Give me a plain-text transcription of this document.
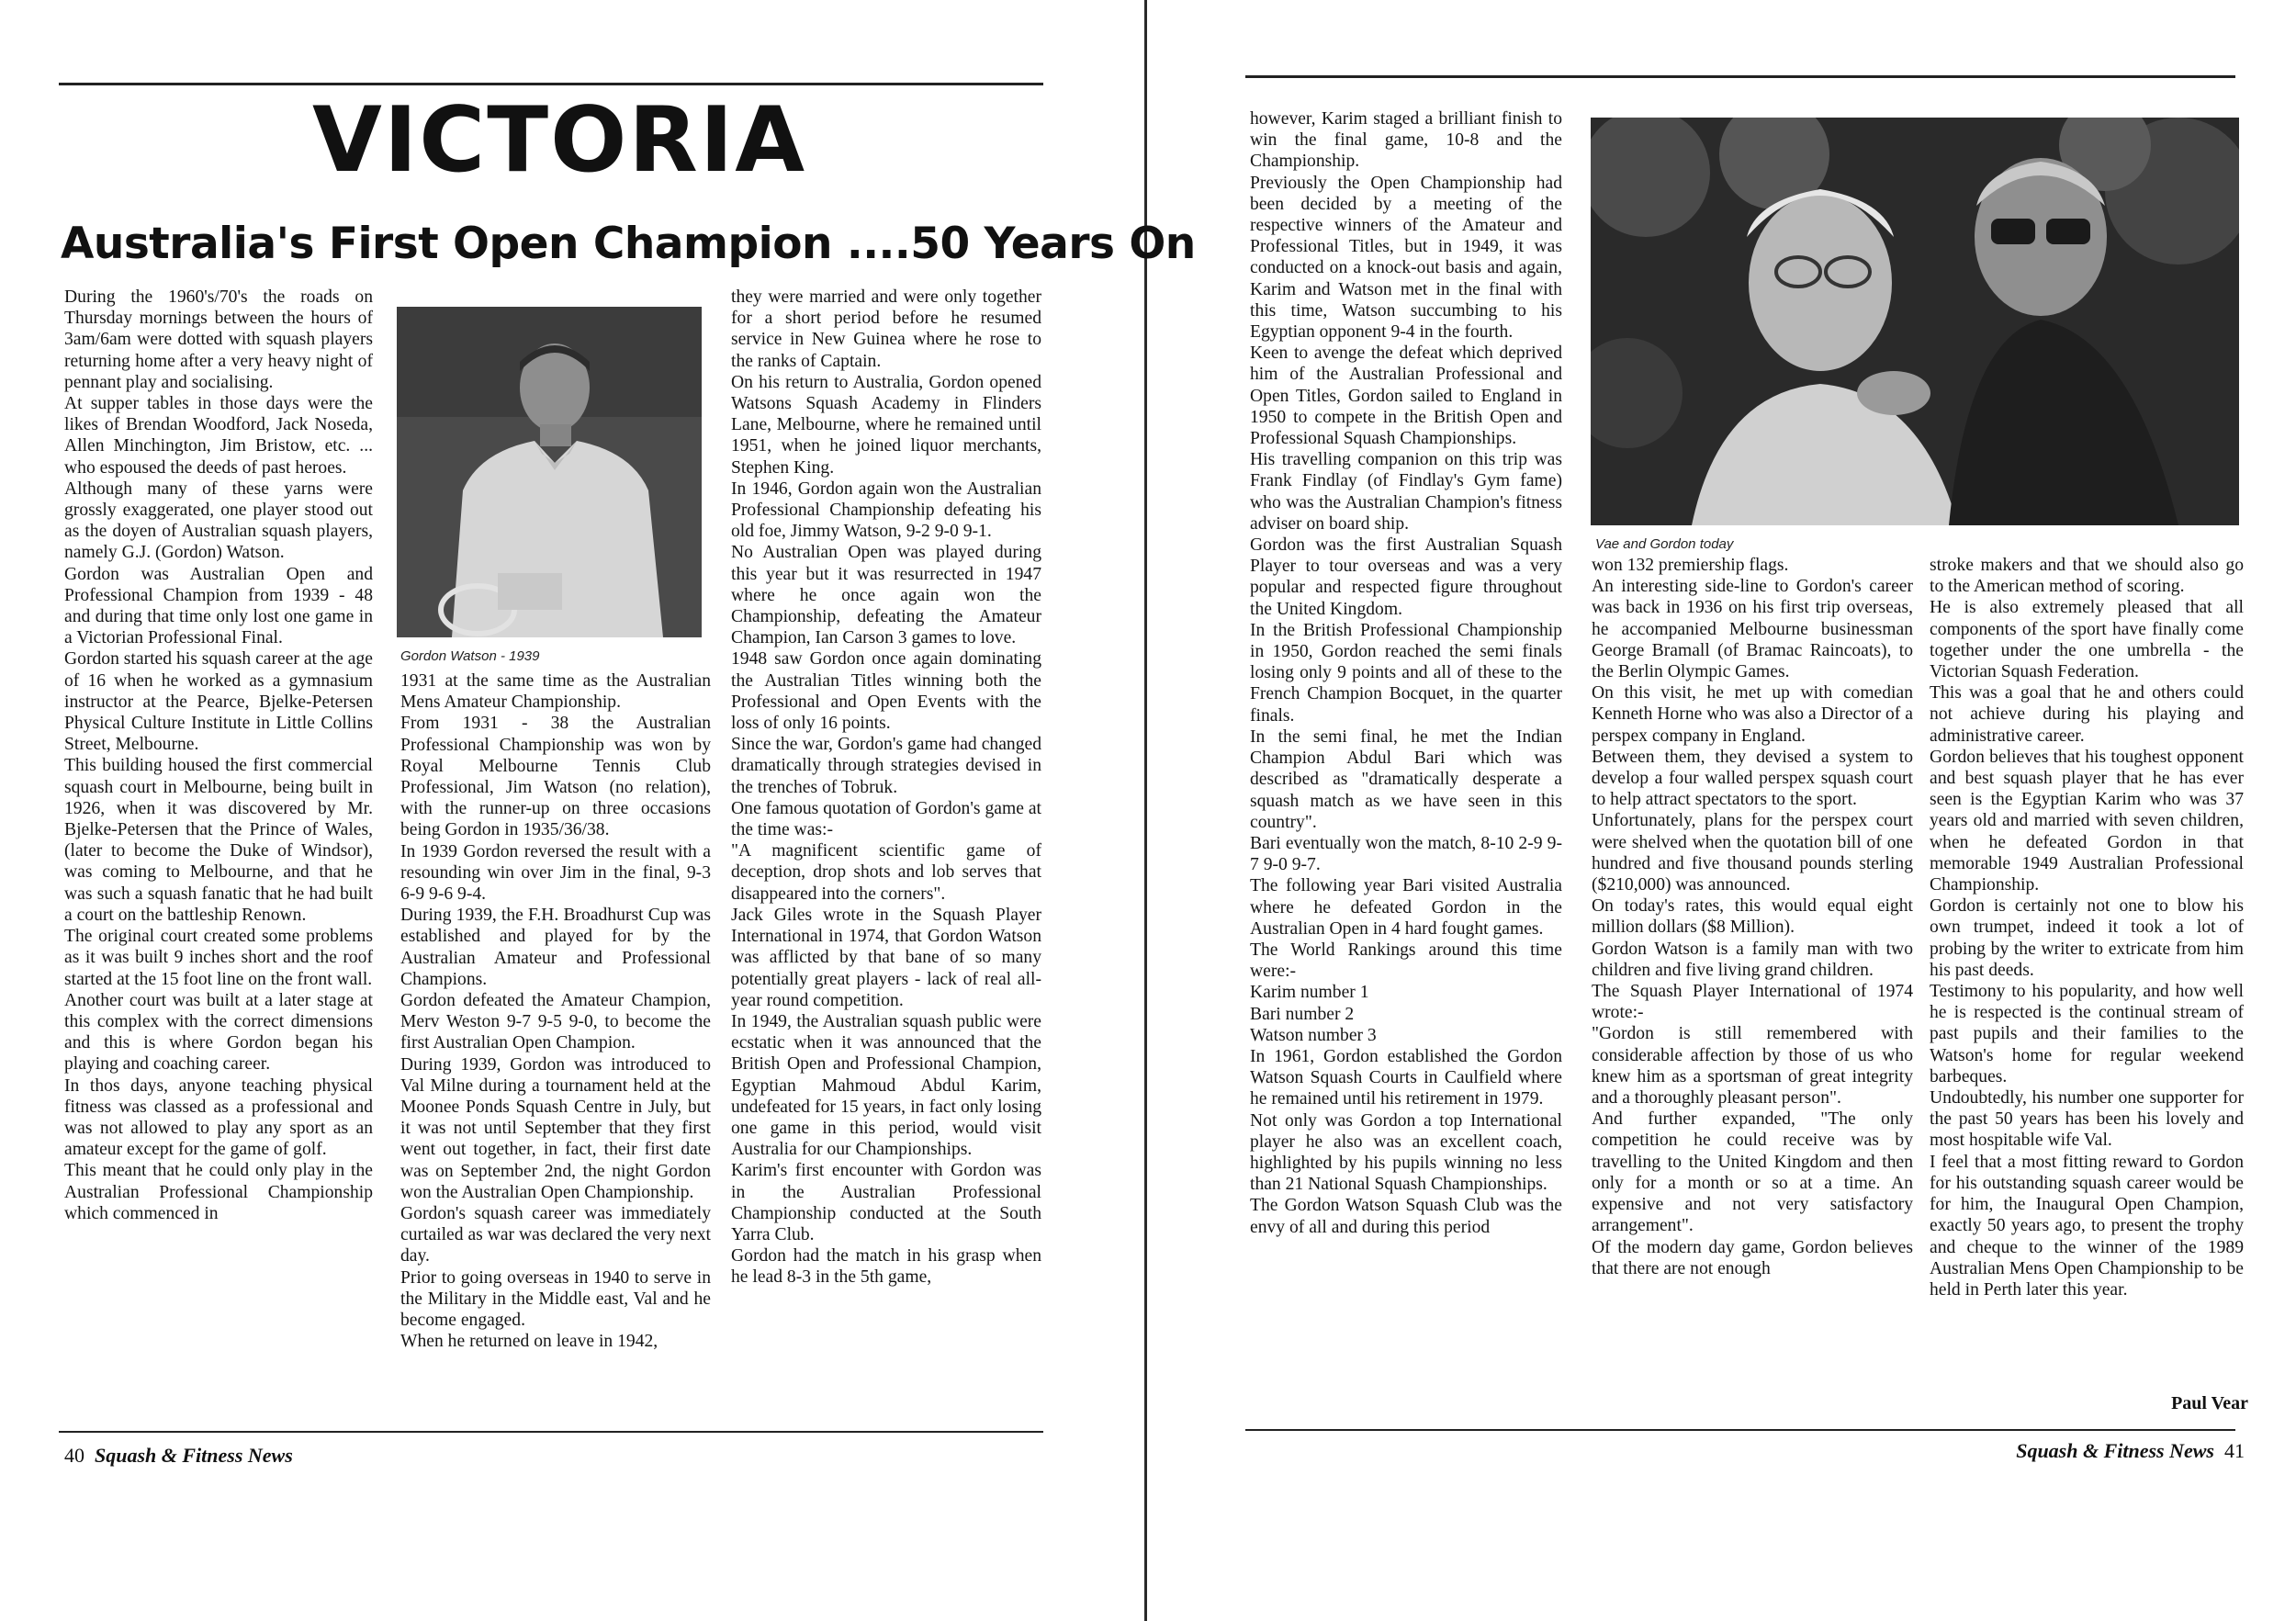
VICTORIA
Australia's First Open Champion ....50 Years On

During the 1960's/70's the roads on Thursday mornings between the hours of 3am/6am were dotted with squash players returning home after a very heavy night of pennant play and socialising.

At supper tables in those days were the likes of Brendan Woodford, Jack Noseda, Allen Minchington, Jim Bristow, etc. ... who espoused the deeds of past heroes.

Although many of these yarns were grossly exaggerated, one player stood out as the doyen of Australian squash players, namely G.J. (Gordon) Watson.

Gordon was Australian Open and Professional Champion from 1939 - 48 and during that time only lost one game in a Victorian Professional Final.

Gordon started his squash career at the age of 16 when he worked as a gymnasium instructor at the Pearce, Bjelke-Petersen Physical Culture Institute in Little Collins Street, Melbourne.

This building housed the first commercial squash court in Melbourne, being built in 1926, when it was discovered by Mr. Bjelke-Petersen that the Prince of Wales, (later to become the Duke of Windsor), was coming to Melbourne, and that he was such a squash fanatic that he had built a court on the battleship Renown.

The original court created some problems as it was built 9 inches short and the roof started at the 15 foot line on the front wall.

Another court was built at a later stage at this complex with the correct dimensions and this is where Gordon began his playing and coaching career.

In thos days, anyone teaching physical fitness was classed as a professional and was not allowed to play any sport as an amateur except for the game of golf.

This meant that he could only play in the Australian Professional Championship which commenced in

Gordon Watson - 1939

1931 at the same time as the Australian Mens Amateur Championship.

From 1931 - 38 the Australian Professional Championship was won by Royal Melbourne Tennis Club Professional, Jim Watson (no relation), with the runner-up on three occasions being Gordon in 1935/36/38.

In 1939 Gordon reversed the result with a resounding win over Jim in the final, 9-3 6-9 9-6 9-4.

During 1939, the F.H. Broadhurst Cup was established and played for by the Australian Amateur and Professional Champions.

Gordon defeated the Amateur Champion, Merv Weston 9-7 9-5 9-0, to become the first Australian Open Champion.

During 1939, Gordon was introduced to Val Milne during a tournament held at the Moonee Ponds Squash Centre in July, but it was not until September that they first went out together, in fact, their first date was on September 2nd, the night Gordon won the Australian Open Championship.

Gordon's squash career was immediately curtailed as war was declared the very next day.

Prior to going overseas in 1940 to serve in the Military in the Middle east, Val and he become engaged.

When he returned on leave in 1942,

they were married and were only together for a short period before he resumed service in New Guinea where he rose to the ranks of Captain.

On his return to Australia, Gordon opened Watsons Squash Academy in Flinders Lane, Melbourne, where he remained until 1951, when he joined liquor merchants, Stephen King.

In 1946, Gordon again won the Australian Professional Championship defeating his old foe, Jimmy Watson, 9-2 9-0 9-1.

No Australian Open was played during this year but it was resurrected in 1947 where he once again won the Championship, defeating the Amateur Champion, Ian Carson 3 games to love.

1948 saw Gordon once again dominating the Australian Titles winning both the Professional and Open Events with the loss of only 16 points.

Since the war, Gordon's game had changed dramatically through strategies devised in the trenches of Tobruk.

One famous quotation of Gordon's game at the time was:-

"A magnificent scientific game of deception, drop shots and lob serves that disappeared into the corners".

Jack Giles wrote in the Squash Player International in 1974, that Gordon Watson was afflicted by that bane of so many potentially great players - lack of real all-year round competition.

In 1949, the Australian squash public were ecstatic when it was announced that the British Open and Professional Champion, Egyptian Mahmoud Abdul Karim, undefeated for 15 years, in fact only losing one game in this period, would visit Australia for our Championships.

Karim's first encounter with Gordon was in the Australian Professional Championship conducted at the South Yarra Club.

Gordon had the match in his grasp when he lead 8-3 in the 5th game,

40 Squash & Fitness News

however, Karim staged a brilliant finish to win the final game, 10-8 and the Championship.

Previously the Open Championship had been decided by a meeting of the respective winners of the Amateur and Professional Titles, but in 1949, it was conducted on a knock-out basis and again, Karim and Watson met in the final with this time, Watson succumbing to his Egyptian opponent 9-4 in the fourth.

Keen to avenge the defeat which deprived him of the Australian Professional and Open Titles, Gordon sailed to England in 1950 to compete in the British Open and Professional Squash Championships.

His travelling companion on this trip was Frank Findlay (of Findlay's Gym fame) who was the Australian Champion's fitness adviser on board ship.

Gordon was the first Australian Squash Player to tour overseas and was a very popular and respected figure throughout the United Kingdom.

In the British Professional Championship in 1950, Gordon reached the semi finals losing only 9 points and all of these to the French Champion Bocquet, in the quarter finals.

In the semi final, he met the Indian Champion Abdul Bari which was described as "dramatically desperate a squash match as we have seen in this country".

Bari eventually won the match, 8-10 2-9 9-7 9-0 9-7.

The following year Bari visited Australia where he defeated Gordon in the Australian Open in 4 hard fought games.

The World Rankings around this time were:-

Karim number 1

Bari number 2

Watson number 3

In 1961, Gordon established the Gordon Watson Squash Courts in Caulfield where he remained until his retirement in 1979.

Not only was Gordon a top International player he also was an excellent coach, highlighted by his pupils winning no less than 21 National Squash Championships.

The Gordon Watson Squash Club was the envy of all and during this period

Vae and Gordon today

won 132 premiership flags.

An interesting side-line to Gordon's career was back in 1936 on his first trip overseas, he accompanied Melbourne businessman George Bramall (of Bramac Raincoats), to the Berlin Olympic Games.

On this visit, he met up with comedian Kenneth Horne who was also a Director of a perspex company in England.

Between them, they devised a system to develop a four walled perspex squash court to help attract spectators to the sport.

Unfortunately, plans for the perspex court were shelved when the quotation bill of one hundred and five thousand pounds sterling ($210,000) was announced.

On today's rates, this would equal eight million dollars ($8 Million).

Gordon Watson is a family man with two children and five living grand children.

The Squash Player International of 1974 wrote:-

"Gordon is still remembered with considerable affection by those of us who knew him as a sportsman of great integrity and a thoroughly pleasant person".

And further expanded, "The only competition he could receive was by travelling to the United Kingdom and then only for a month or so at a time. An expensive and not very satisfactory arrangement".

Of the modern day game, Gordon believes that there are not enough

stroke makers and that we should also go to the American method of scoring.

He is also extremely pleased that all components of the sport have finally come together under the one umbrella - the Victorian Squash Federation.

This was a goal that he and others could not achieve during his playing and administrative career.

Gordon believes that his toughest opponent and best squash player that he has ever seen is the Egyptian Karim who was 37 years old and married with seven children, when he defeated Gordon in that memorable 1949 Australian Professional Championship.

Gordon is certainly not one to blow his own trumpet, indeed it took a lot of probing by the writer to extricate from him his past deeds.

Testimony to his popularity, and how well he is respected is the continual stream of past pupils and their families to the Watson's home for regular weekend barbeques.

Undoubtedly, his number one supporter for the past 50 years has been his lovely and most hospitable wife Val.

I feel that a most fitting reward to Gordon for his outstanding squash career would be for him, the Inaugural Open Champion, exactly 50 years ago, to present the trophy and cheque to the winner of the 1989 Australian Mens Open Championship to be held in Perth later this year.

Paul Vear
Squash & Fitness News 41
